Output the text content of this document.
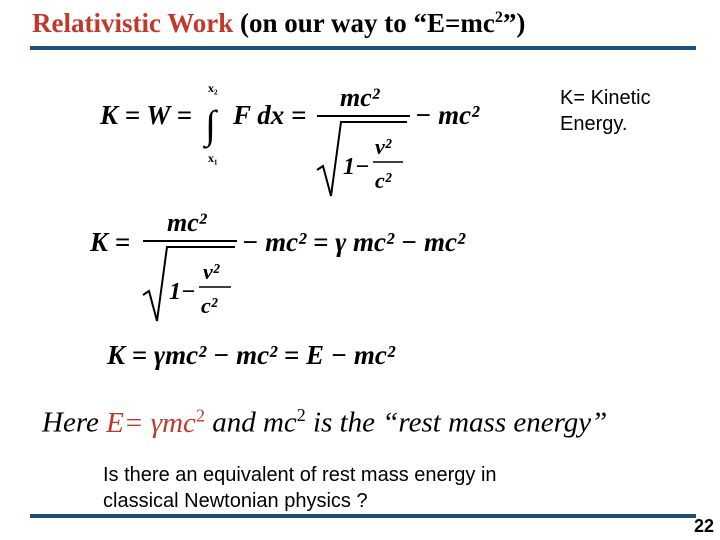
Relativistic Work (on our way to “$E=mc^2$”)
K= Kinetic Energy.
K = W =
x₂
∫
x₁
F dx =
mc²
1−
v²
c²
− mc²
K =
mc²
1−
v²
c²
− mc² = γ mc² − mc²
K = γmc² − mc² = E − mc²
Here E= γmc$^2$ and $mc^2$ is the “rest mass energy”
Is there an equivalent of rest mass energy in classical Newtonian physics ?
22
